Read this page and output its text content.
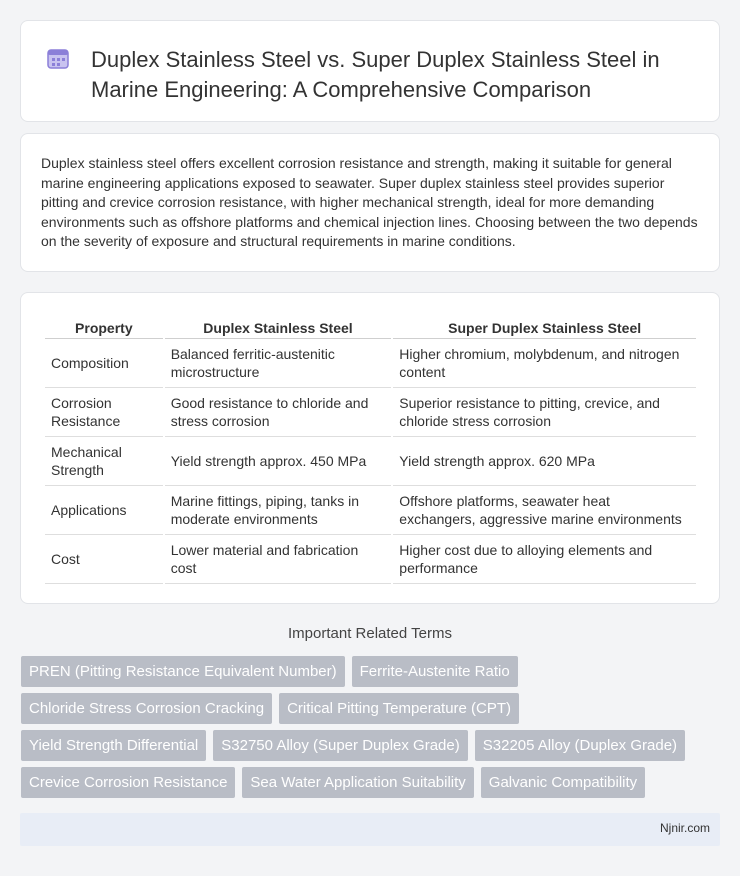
Duplex Stainless Steel vs. Super Duplex Stainless Steel in Marine Engineering: A Comprehensive Comparison

Duplex stainless steel offers excellent corrosion resistance and strength, making it suitable for general marine engineering applications exposed to seawater. Super duplex stainless steel provides superior pitting and crevice corrosion resistance, with higher mechanical strength, ideal for more demanding environments such as offshore platforms and chemical injection lines. Choosing between the two depends on the severity of exposure and structural requirements in marine conditions.

Property	Duplex Stainless Steel	Super Duplex Stainless Steel
Composition	Balanced ferritic-austenitic microstructure	Higher chromium, molybdenum, and nitrogen content
Corrosion Resistance	Good resistance to chloride and stress corrosion	Superior resistance to pitting, crevice, and chloride stress corrosion
Mechanical Strength	Yield strength approx. 450 MPa	Yield strength approx. 620 MPa
Applications	Marine fittings, piping, tanks in moderate environments	Offshore platforms, seawater heat exchangers, aggressive marine environments
Cost	Lower material and fabrication cost	Higher cost due to alloying elements and performance
Important Related Terms
PREN (Pitting Resistance Equivalent Number)	Ferrite-Austenite Ratio
Chloride Stress Corrosion Cracking	Critical Pitting Temperature (CPT)
Yield Strength Differential	S32750 Alloy (Super Duplex Grade)	S32205 Alloy (Duplex Grade)
Crevice Corrosion Resistance	Sea Water Application Suitability	Galvanic Compatibility
Njnir.com
